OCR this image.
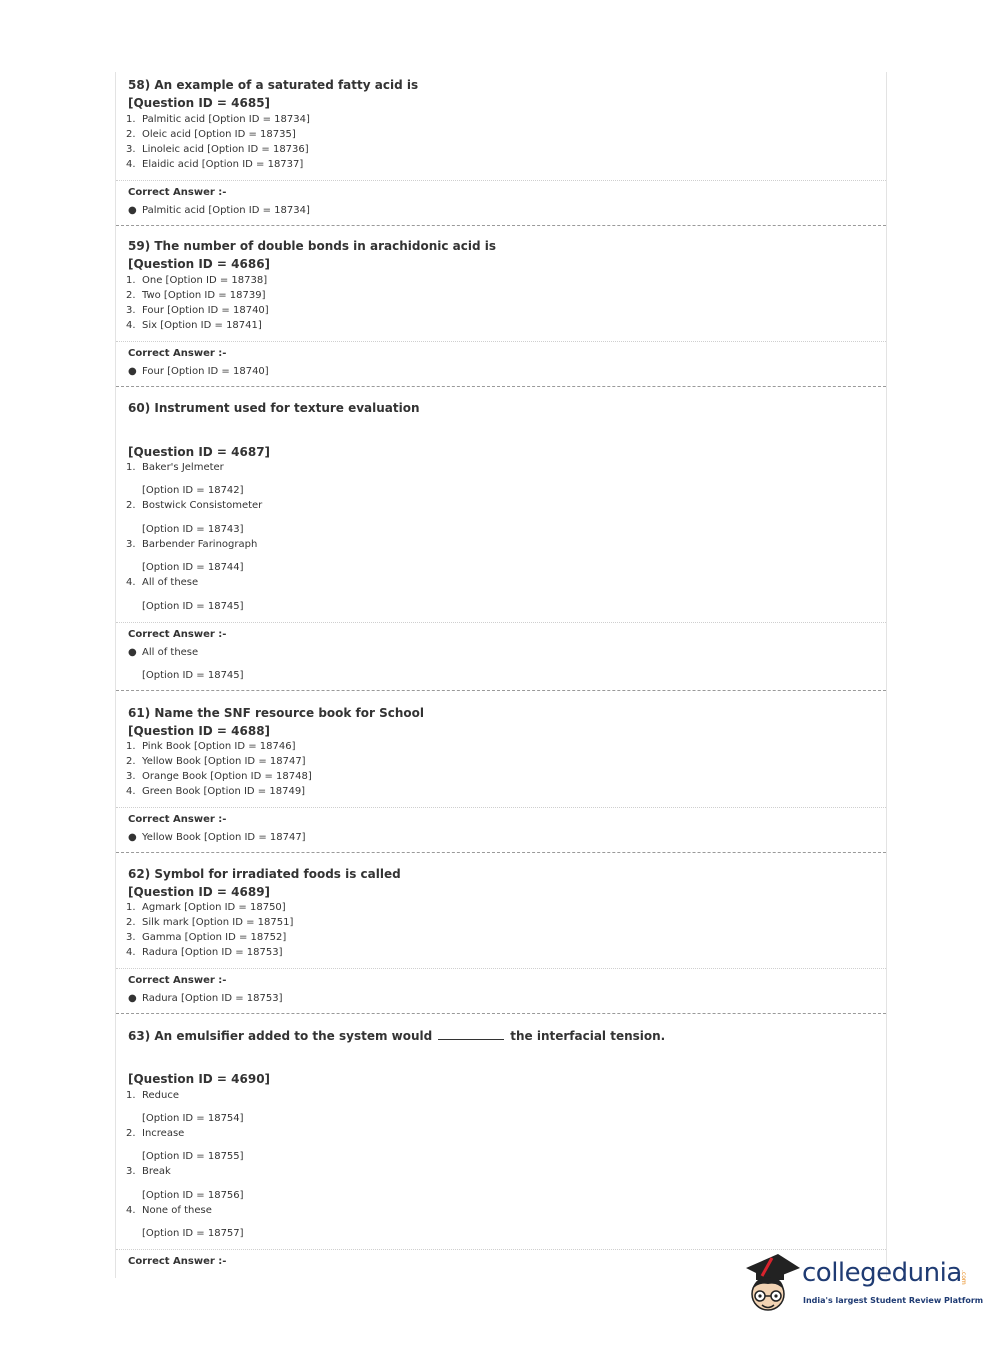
58) An example of a saturated fatty acid is
[Question ID = 4685]
1. Palmitic acid [Option ID = 18734]
2. Oleic acid [Option ID = 18735]
3. Linoleic acid [Option ID = 18736]
4. Elaidic acid [Option ID = 18737]
Correct Answer :-
● Palmitic acid [Option ID = 18734]
59) The number of double bonds in arachidonic acid is
[Question ID = 4686]
1. One [Option ID = 18738]
2. Two [Option ID = 18739]
3. Four [Option ID = 18740]
4. Six [Option ID = 18741]
Correct Answer :-
● Four [Option ID = 18740]
60) Instrument used for texture evaluation
[Question ID = 4687]
1. Baker's Jelmeter
[Option ID = 18742]
2. Bostwick Consistometer
[Option ID = 18743]
3. Barbender Farinograph
[Option ID = 18744]
4. All of these
[Option ID = 18745]
Correct Answer :-
● All of these
[Option ID = 18745]
61) Name the SNF resource book for School
[Question ID = 4688]
1. Pink Book [Option ID = 18746]
2. Yellow Book [Option ID = 18747]
3. Orange Book [Option ID = 18748]
4. Green Book [Option ID = 18749]
Correct Answer :-
● Yellow Book [Option ID = 18747]
62) Symbol for irradiated foods is called
[Question ID = 4689]
1. Agmark [Option ID = 18750]
2. Silk mark [Option ID = 18751]
3. Gamma [Option ID = 18752]
4. Radura [Option ID = 18753]
Correct Answer :-
● Radura [Option ID = 18753]
63) An emulsifier added to the system would	the interfacial tension.
[Question ID = 4690]
1. Reduce
[Option ID = 18754]
2. Increase
[Option ID = 18755]
3. Break
[Option ID = 18756]
4. None of these
[Option ID = 18757]
Correct Answer :-	collegedunia
.com
India's largest Student Review Platform
